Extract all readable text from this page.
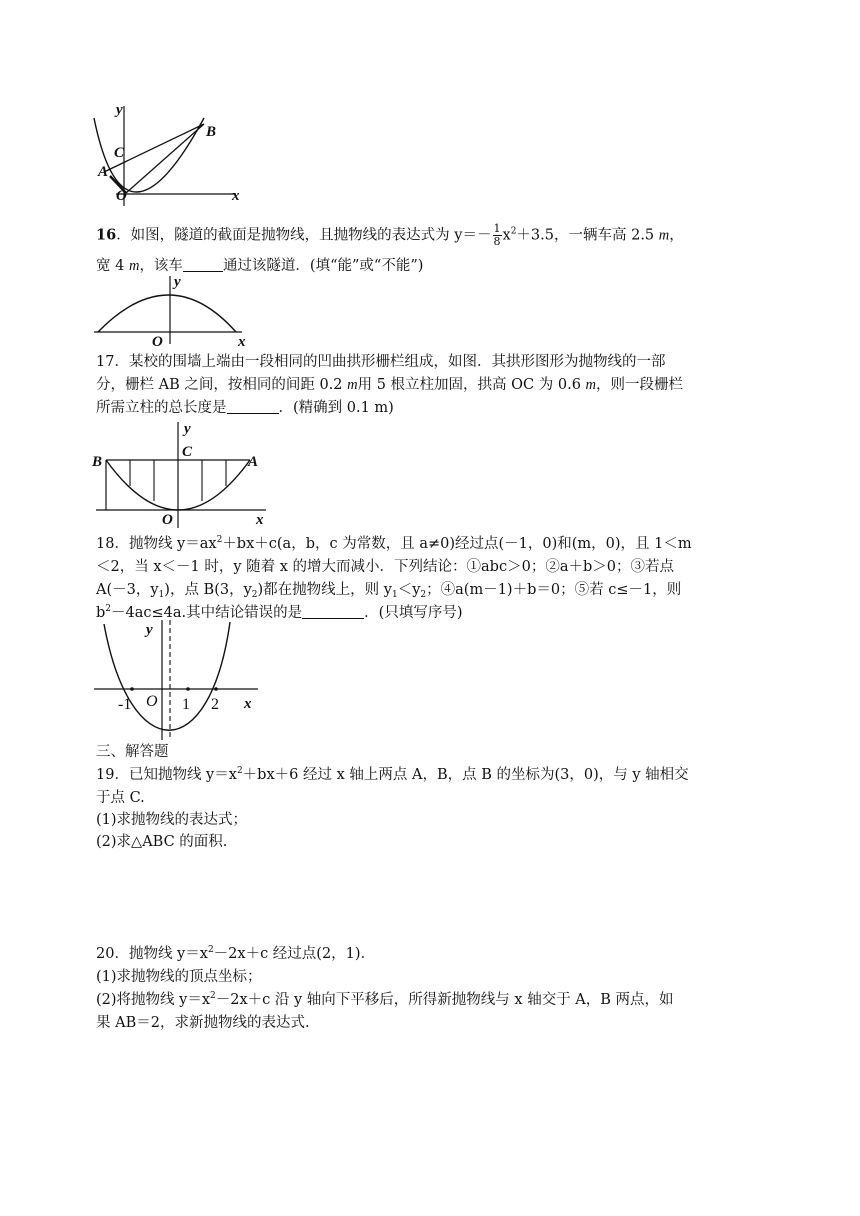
y
x
O
A
B
C
16．如图，隧道的截面是抛物线，且抛物线的表达式为 $y=- \frac{1}{8} x^2+3.5$，一辆车高 2.5 m，
宽 4 m，该车	通过该隧道．(填“能”或“不能”)
y
x
O
17．某校的围墙上端由一段相同的凹曲拱形栅栏组成，如图．其拱形图形为抛物线的一部
分，栅栏 AB 之间，按相同的间距 0.2 m用 5 根立柱加固，拱高 OC 为 0.6 m，则一段栅栏
所需立柱的总长度是	．(精确到 0.1 m)
y
C
B	A
O	x
18．抛物线 $y=ax^2+bx+c(a$，b，c 为常数，且 a≠0)经过点(－1，0)和(m，0)，且 1＜m
＜2，当 x＜－1 时，y 随着 x 的增大而减小．下列结论：①abc＞0；②a＋b＞0；③若点
A(－3，$y_1$)，点 B(3，$y_2$)都在抛物线上，则 $y_1<y_2$；④a(m－1)＋b＝0；⑤若 c≤－1，则
$b^2-4ac\le 4a$.其中结论错误的是	．(只填写序号)
y
-1 O 1 2 x
三、解答题
19．已知抛物线 $y=x^2+bx+6$ 经过 x 轴上两点 A，B，点 B 的坐标为(3，0)，与 y 轴相交
于点 C.
(1)求抛物线的表达式；
(2)求△ABC 的面积.
20．抛物线 $y=x^2-2x+c$ 经过点(2，1)．
(1)求抛物线的顶点坐标；
(2)将抛物线 $y=x^2-2x+c$ 沿 y 轴向下平移后，所得新抛物线与 x 轴交于 A，B 两点，如
果 AB＝2，求新抛物线的表达式.
